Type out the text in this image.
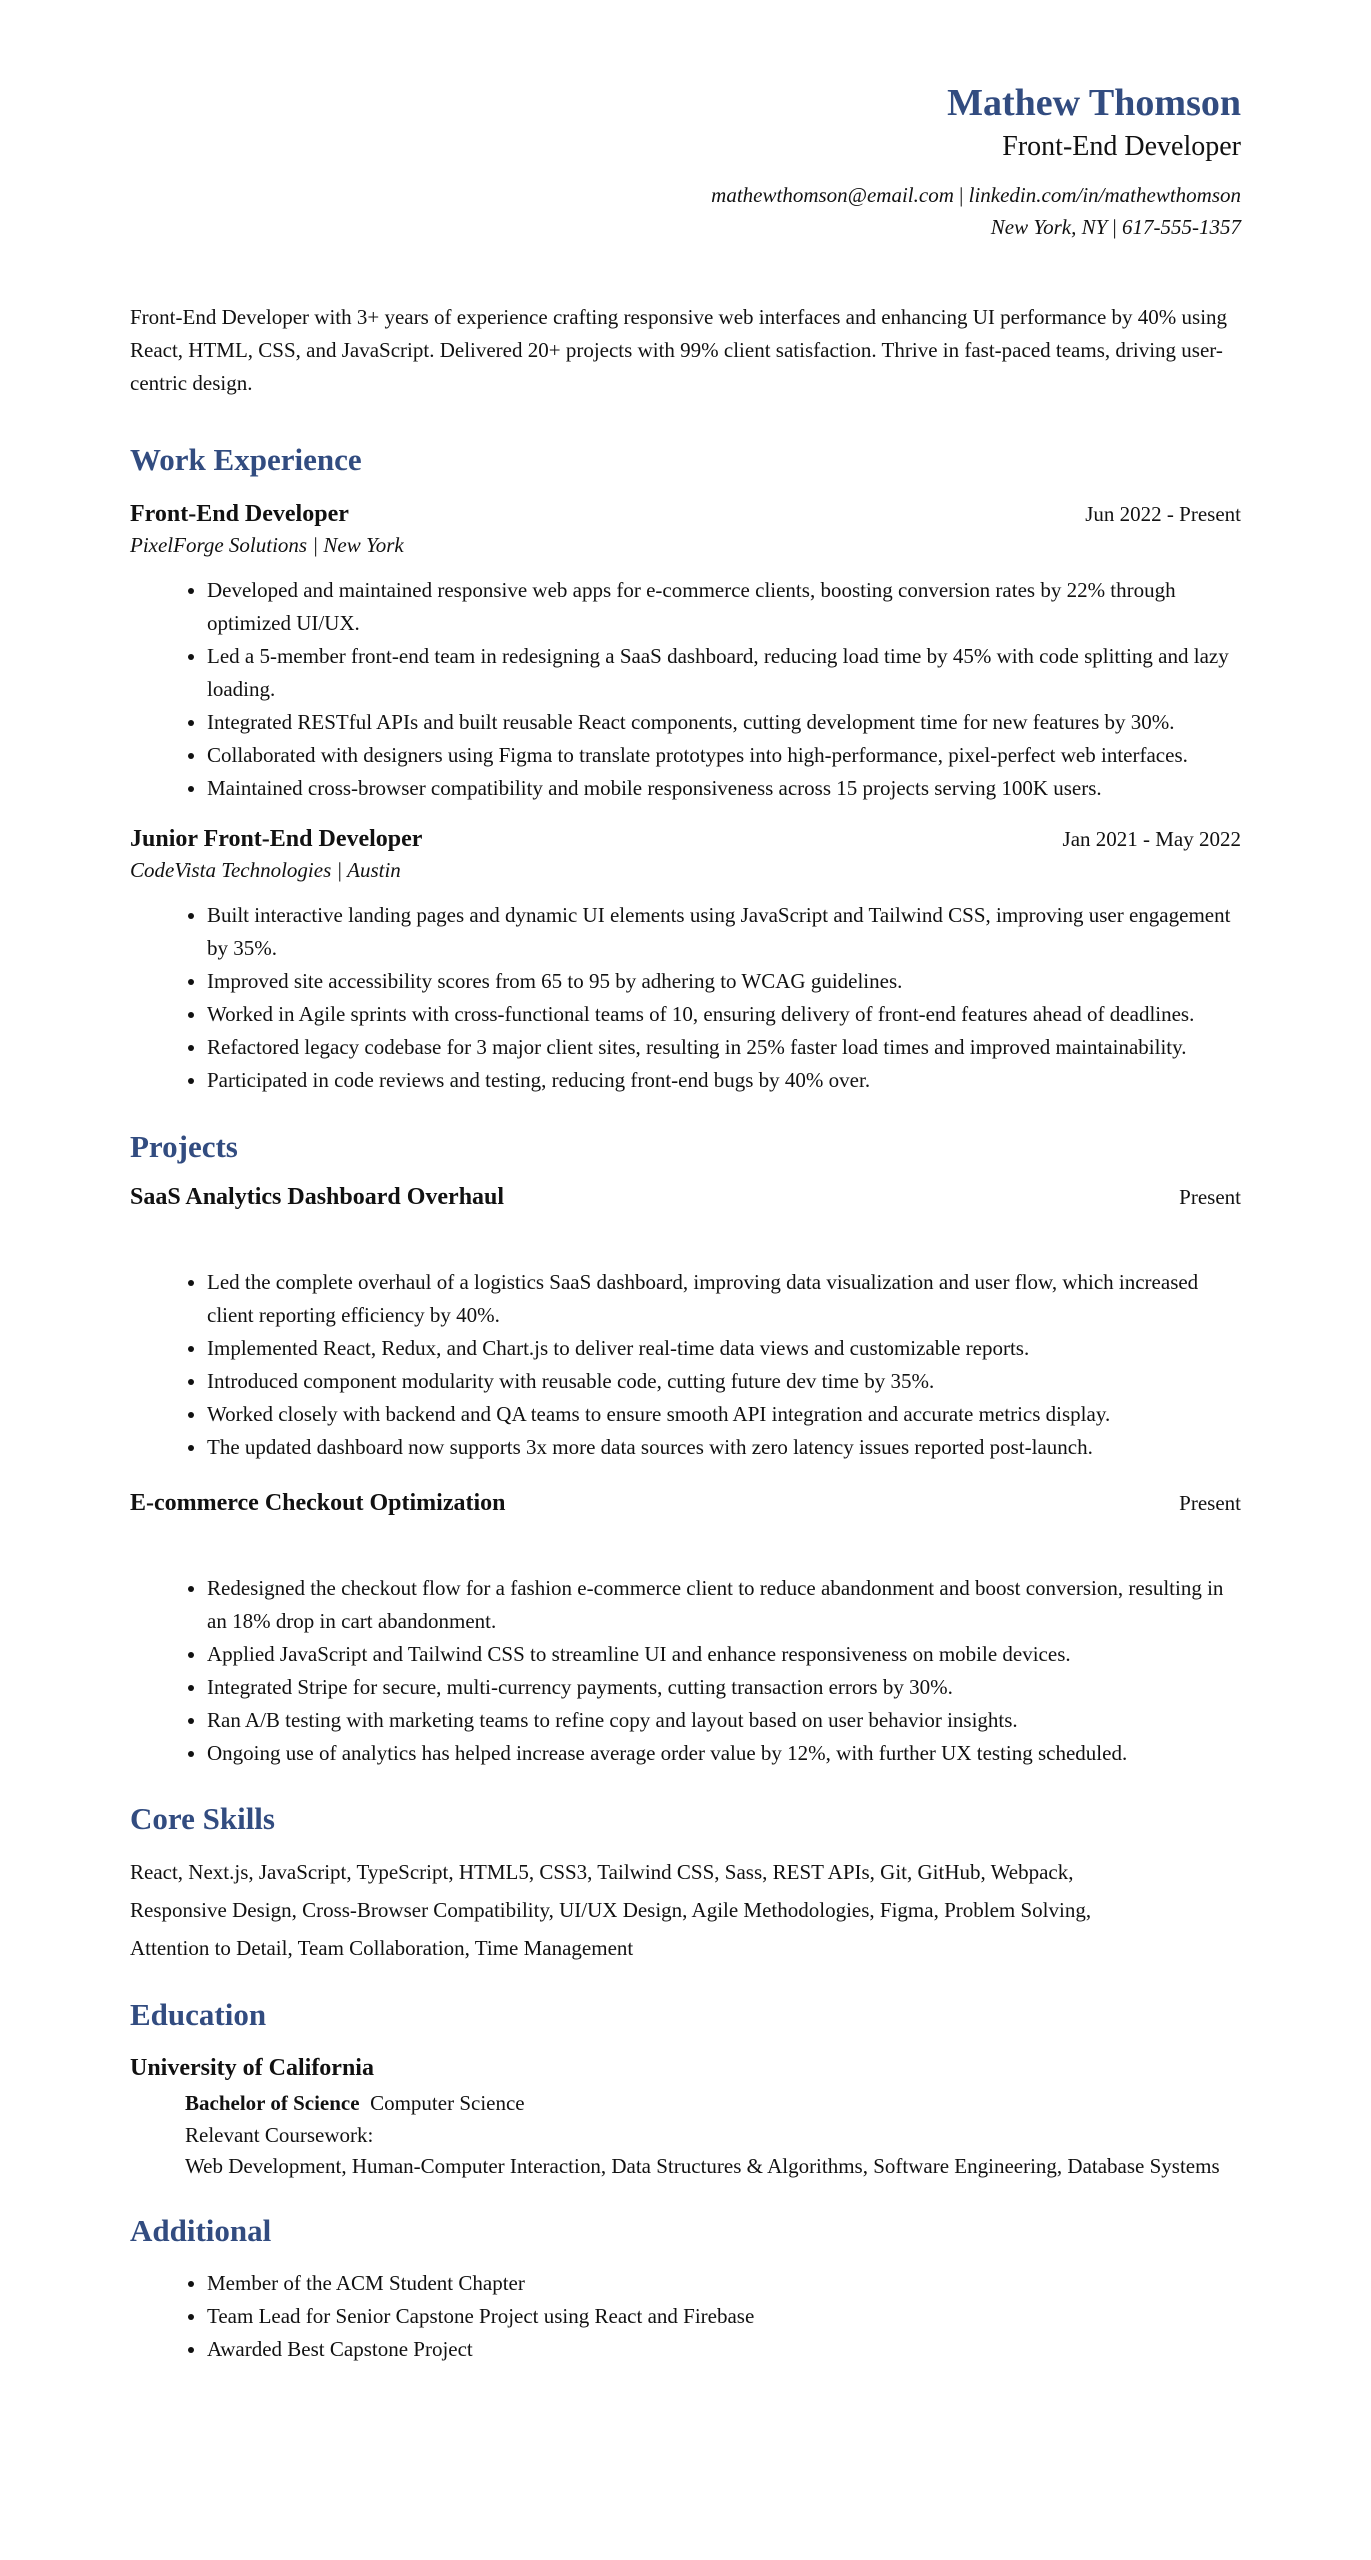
Mathew Thomson
Front-End Developer
mathewthomson@email.com | linkedin.com/in/mathewthomson
New York, NY | 617-555-1357
Front-End Developer with 3+ years of experience crafting responsive web interfaces and enhancing UI performance by 40% using React, HTML, CSS, and JavaScript. Delivered 20+ projects with 99% client satisfaction. Thrive in fast-paced teams, driving user-centric design.
Work Experience
Front-End Developer	Jun 2022 - Present
PixelForge Solutions | New York
• Developed and maintained responsive web apps for e-commerce clients, boosting conversion rates by 22% through optimized UI/UX.
• Led a 5-member front-end team in redesigning a SaaS dashboard, reducing load time by 45% with code splitting and lazy loading.
• Integrated RESTful APIs and built reusable React components, cutting development time for new features by 30%.
• Collaborated with designers using Figma to translate prototypes into high-performance, pixel-perfect web interfaces.
• Maintained cross-browser compatibility and mobile responsiveness across 15 projects serving 100K users.
Junior Front-End Developer	Jan 2021 - May 2022
CodeVista Technologies | Austin
• Built interactive landing pages and dynamic UI elements using JavaScript and Tailwind CSS, improving user engagement by 35%.
• Improved site accessibility scores from 65 to 95 by adhering to WCAG guidelines.
• Worked in Agile sprints with cross-functional teams of 10, ensuring delivery of front-end features ahead of deadlines.
• Refactored legacy codebase for 3 major client sites, resulting in 25% faster load times and improved maintainability.
• Participated in code reviews and testing, reducing front-end bugs by 40% over.
Projects
SaaS Analytics Dashboard Overhaul	Present
• Led the complete overhaul of a logistics SaaS dashboard, improving data visualization and user flow, which increased client reporting efficiency by 40%.
• Implemented React, Redux, and Chart.js to deliver real-time data views and customizable reports.
• Introduced component modularity with reusable code, cutting future dev time by 35%.
• Worked closely with backend and QA teams to ensure smooth API integration and accurate metrics display.
• The updated dashboard now supports 3x more data sources with zero latency issues reported post-launch.
E-commerce Checkout Optimization	Present
• Redesigned the checkout flow for a fashion e-commerce client to reduce abandonment and boost conversion, resulting in an 18% drop in cart abandonment.
• Applied JavaScript and Tailwind CSS to streamline UI and enhance responsiveness on mobile devices.
• Integrated Stripe for secure, multi-currency payments, cutting transaction errors by 30%.
• Ran A/B testing with marketing teams to refine copy and layout based on user behavior insights.
• Ongoing use of analytics has helped increase average order value by 12%, with further UX testing scheduled.
Core Skills
React, Next.js, JavaScript, TypeScript, HTML5, CSS3, Tailwind CSS, Sass, REST APIs, Git, GitHub, Webpack,
Responsive Design, Cross-Browser Compatibility, UI/UX Design, Agile Methodologies, Figma, Problem Solving,
Attention to Detail, Team Collaboration, Time Management
Education
University of California
Bachelor of Science Computer Science
Relevant Coursework:
Web Development, Human-Computer Interaction, Data Structures & Algorithms, Software Engineering, Database Systems
Additional
• Member of the ACM Student Chapter
• Team Lead for Senior Capstone Project using React and Firebase
• Awarded Best Capstone Project
